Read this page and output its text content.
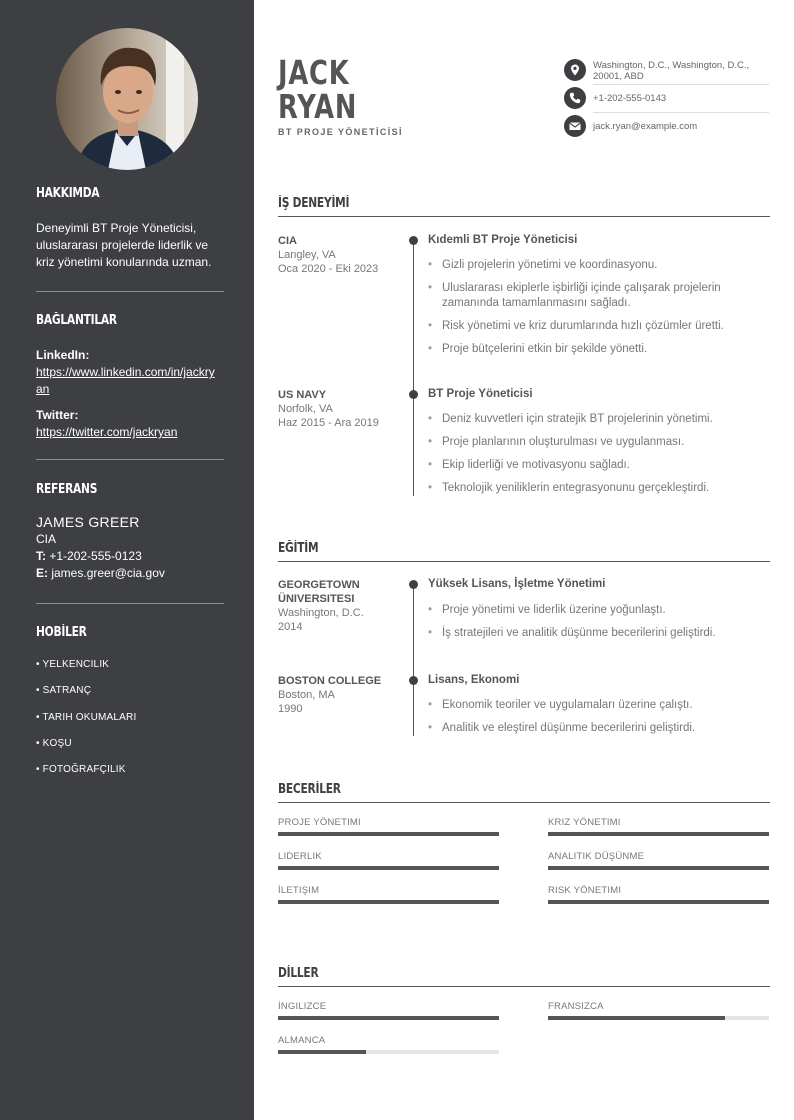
HAKKIMDA
Deneyimli BT Proje Yöneticisi, uluslararası projelerde liderlik ve kriz yönetimi konularında uzman.
BAĞLANTILAR
LinkedIn:
https://www.linkedin.com/in/jackryan
Twitter:
https://twitter.com/jackryan
REFERANS
JAMES GREER
CIA
T: +1-202-555-0123
E: james.greer@cia.gov
HOBİLER
• YELKENCILIK
• SATRANÇ
• TARIH OKUMALARI
• KOŞU
• FOTOĞRAFÇILIK
JACK
RYAN
BT PROJE YÖNETİCİSİ
Washington, D.C., Washington, D.C., 20001, ABD
+1-202-555-0143
jack.ryan@example.com
İŞ DENEYİMİ
CIA
Langley, VA
Oca 2020 - Eki 2023
Kıdemli BT Proje Yöneticisi
• Gizli projelerin yönetimi ve koordinasyonu.
• Uluslararası ekiplerle işbirliği içinde çalışarak projelerin zamanında tamamlanmasını sağladı.
• Risk yönetimi ve kriz durumlarında hızlı çözümler üretti.
• Proje bütçelerini etkin bir şekilde yönetti.
US NAVY
Norfolk, VA
Haz 2015 - Ara 2019
BT Proje Yöneticisi
• Deniz kuvvetleri için stratejik BT projelerinin yönetimi.
• Proje planlarının oluşturulması ve uygulanması.
• Ekip liderliği ve motivasyonu sağladı.
• Teknolojik yeniliklerin entegrasyonunu gerçekleştirdi.
EĞİTİM
GEORGETOWN ÜNIVERSITESI
Washington, D.C.
2014
Yüksek Lisans, İşletme Yönetimi
• Proje yönetimi ve liderlik üzerine yoğunlaştı.
• İş stratejileri ve analitik düşünme becerilerini geliştirdi.
BOSTON COLLEGE
Boston, MA
1990
Lisans, Ekonomi
• Ekonomik teoriler ve uygulamaları üzerine çalıştı.
• Analitik ve eleştirel düşünme becerilerini geliştirdi.
BECERİLER
PROJE YÖNETIMI	KRIZ YÖNETIMI
LIDERLIK	ANALITIK DÜŞÜNME
İLETIŞIM	RISK YÖNETIMI
DİLLER
İNGILIZCE	FRANSIZCA
ALMANCA
